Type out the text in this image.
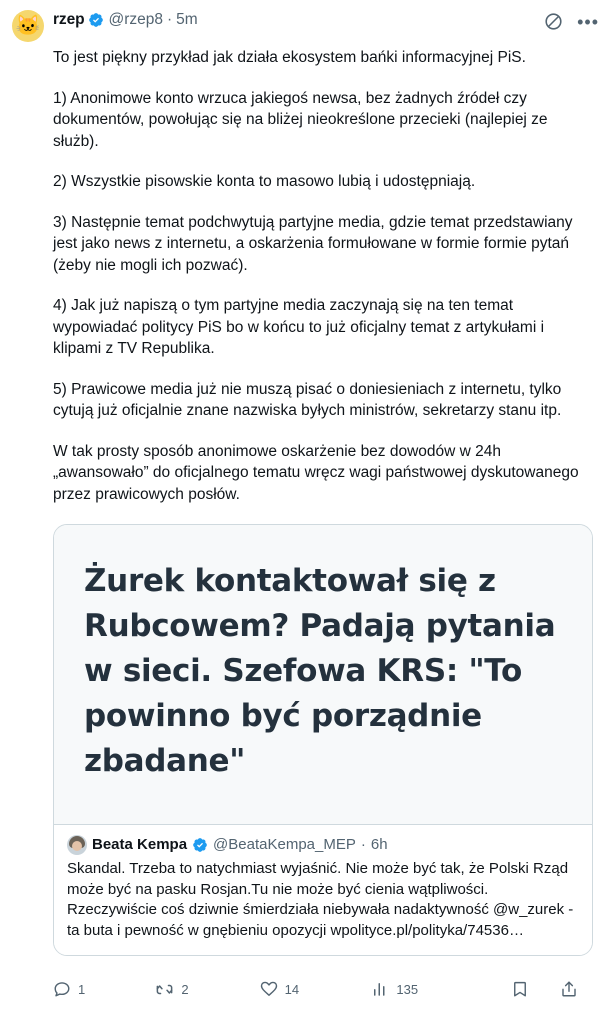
🐱 rzep @rzep8 · 5m	•••

To jest piękny przykład jak działa ekosystem bańki informacyjnej PiS.

1) Anonimowe konto wrzuca jakiegoś newsa, bez żadnych źródeł czy dokumentów, powołując się na bliżej nieokreślone przecieki (najlepiej ze służb).

2) Wszystkie pisowskie konta to masowo lubią i udostępniają.

3) Następnie temat podchwytują partyjne media, gdzie temat przedstawiany jest jako news z internetu, a oskarżenia formułowane w formie formie pytań (żeby nie mogli ich pozwać).

4) Jak już napiszą o tym partyjne media zaczynają się na ten temat wypowiadać politycy PiS bo w końcu to już oficjalny temat z artykułami i klipami z TV Republika.

5) Prawicowe media już nie muszą pisać o doniesieniach z internetu, tylko cytują już oficjalnie znane nazwiska byłych ministrów, sekretarzy stanu itp.

W tak prosty sposób anonimowe oskarżenie bez dowodów w 24h „awansowało” do oficjalnego tematu wręcz wagi państwowej dyskutowanego przez prawicowych posłów.

Żurek kontaktował się z Rubcowem? Padają pytania w sieci. Szefowa KRS: "To powinno być porządnie zbadane"
Beata Kempa @BeataKempa_MEP · 6h
Skandal. Trzeba to natychmiast wyjaśnić. Nie może być tak, że Polski Rząd może być na pasku Rosjan.Tu nie może być cienia wątpliwości. Rzeczywiście coś dziwnie śmierdziała niebywała nadaktywność @w_zurek - ta buta i pewność w gnębieniu opozycji wpolityce.pl/polityka/74536…
1	2	14	135
